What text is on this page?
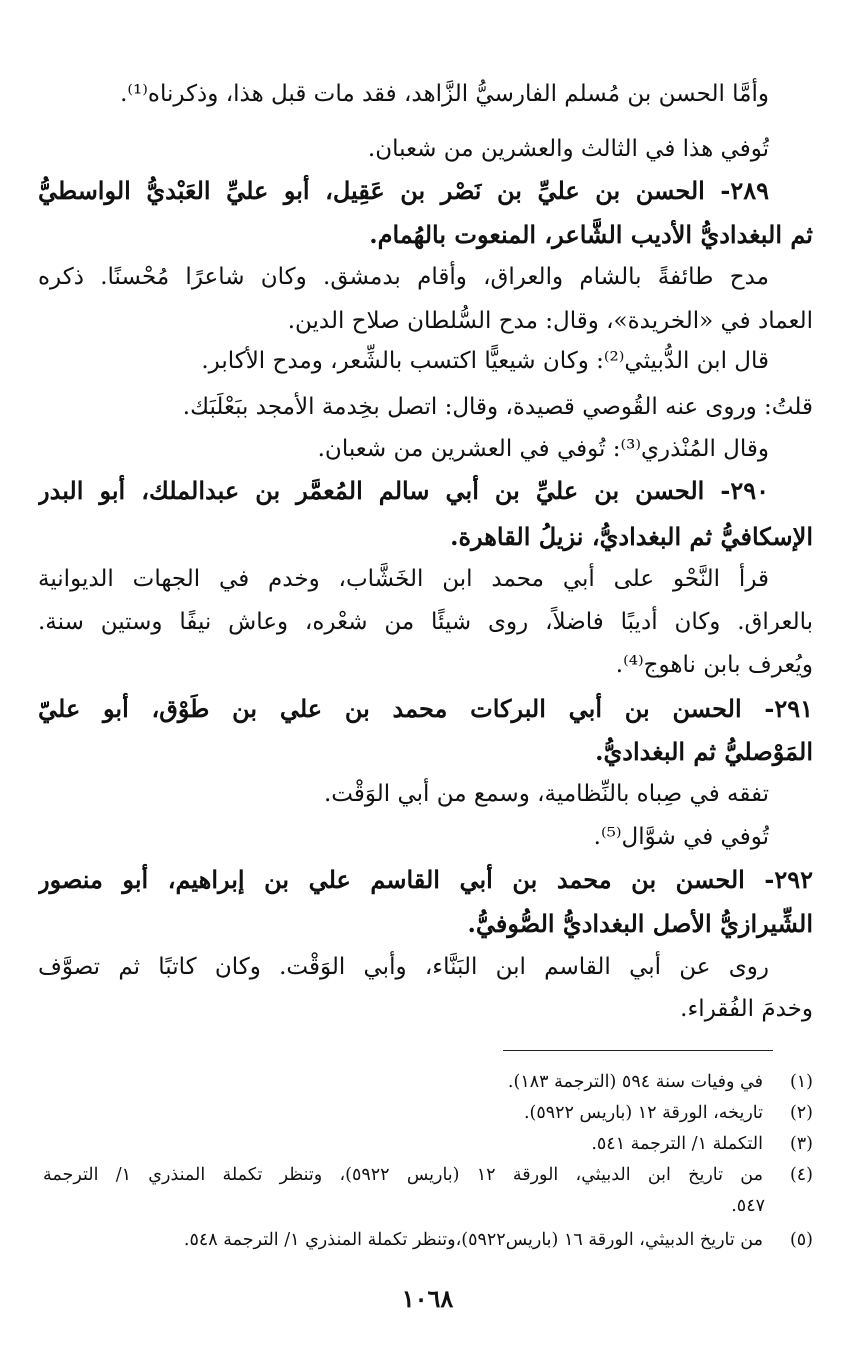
وأمَّا الحسن بن مُسلم الفارسيُّ الزَّاهد، فقد مات قبل هذا، وذكرناه⁽¹⁾.
تُوفي هذا في الثالث والعشرين من شعبان.
٢٨٩- الحسن بن عليِّ بن نَصْر بن عَقِيل، أبو عليِّ العَبْديُّ الواسطيُّ
ثم البغداديُّ الأديب الشَّاعر، المنعوت بالهُمام.
مدح طائفةً بالشام والعراق، وأقام بدمشق. وكان شاعرًا مُحْسنًا. ذكره
العماد في «الخريدة»، وقال: مدح السُّلطان صلاح الدين.
قال ابن الدُّبيثي⁽²⁾: وكان شيعيًّا اكتسب بالشِّعر، ومدح الأكابر.
قلتُ: وروى عنه القُوصي قصيدة، وقال: اتصل بخِدمة الأمجد ببَعْلَبَك.
وقال المُنْذري⁽³⁾: تُوفي في العشرين من شعبان.
٢٩٠- الحسن بن عليِّ بن أبي سالم المُعمَّر بن عبدالملك، أبو البدر
الإسكافيُّ ثم البغداديُّ، نزيلُ القاهرة.
قرأ النَّحْو على أبي محمد ابن الخَشَّاب، وخدم في الجهات الديوانية
بالعراق. وكان أديبًا فاضلاً، روى شيئًا من شعْره، وعاش نيفًا وستين سنة.
ويُعرف بابن ناهوج⁽⁴⁾.
٢٩١- الحسن بن أبي البركات محمد بن علي بن طَوْق، أبو عليّ
المَوْصليُّ ثم البغداديُّ.
تفقه في صِباه بالنِّظامية، وسمع من أبي الوَقْت.
تُوفي في شوَّال⁽⁵⁾.
٢٩٢- الحسن بن محمد بن أبي القاسم علي بن إبراهيم، أبو منصور
الشِّيرازيُّ الأصل البغداديُّ الصُّوفيُّ.
روى عن أبي القاسم ابن البَنَّاء، وأبي الوَقْت. وكان كاتبًا ثم تصوَّف
وخدمَ الفُقراء.
(١)في وفيات سنة ٥٩٤ (الترجمة ١٨٣).
(٢)تاريخه، الورقة ١٢ (باريس ٥٩٢٢).
(٣)التكملة ١/ الترجمة ٥٤١.
(٤)من تاريخ ابن الدبيثي، الورقة ١٢ (باريس ٥٩٢٢)، وتنظر تكملة المنذري ١/ الترجمة
٥٤٧.
(٥)من تاريخ الدبيثي، الورقة ١٦ (باريس٥٩٢٢)،وتنظر تكملة المنذري ١/ الترجمة ٥٤٨.
١٠٦٨
